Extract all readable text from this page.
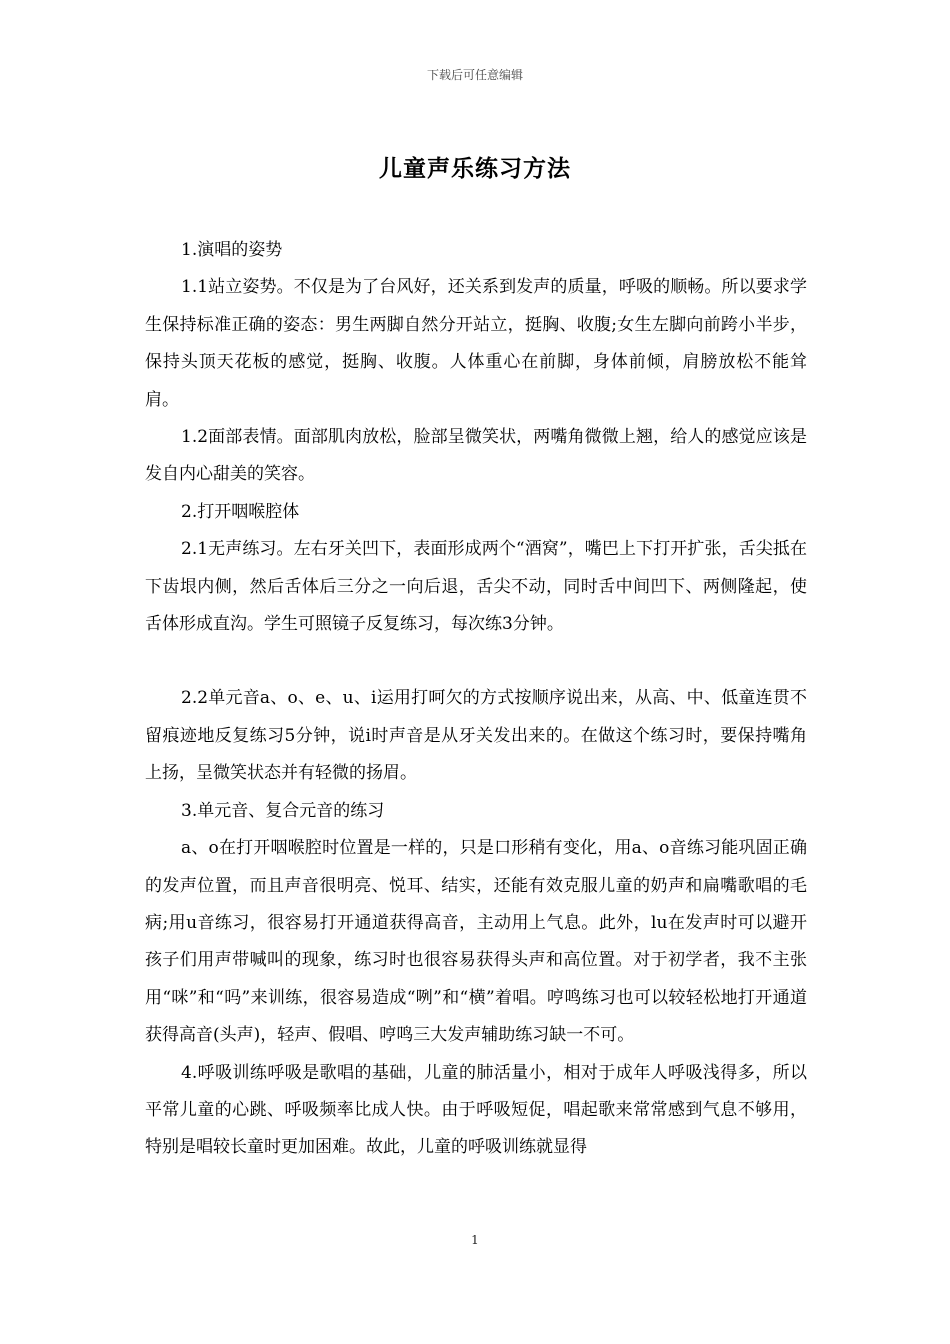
下载后可任意编辑
儿童声乐练习方法

1.演唱的姿势

1.1站立姿势。不仅是为了台风好，还关系到发声的质量，呼吸的顺畅。所以要求学生保持标准正确的姿态：男生两脚自然分开站立，挺胸、收腹;女生左脚向前跨小半步，保持头顶天花板的感觉，挺胸、收腹。人体重心在前脚，身体前倾，肩膀放松不能耸肩。

1.2面部表情。面部肌肉放松，脸部呈微笑状，两嘴角微微上翘，给人的感觉应该是发自内心甜美的笑容。

2.打开咽喉腔体

2.1无声练习。左右牙关凹下，表面形成两个“酒窝”，嘴巴上下打开扩张，舌尖抵在下齿垠内侧，然后舌体后三分之一向后退，舌尖不动，同时舌中间凹下、两侧隆起，使舌体形成直沟。学生可照镜子反复练习，每次练3分钟。

2.2单元音a、o、e、u、i运用打呵欠的方式按顺序说出来，从高、中、低童连贯不留痕迹地反复练习5分钟，说i时声音是从牙关发出来的。在做这个练习时，要保持嘴角上扬，呈微笑状态并有轻微的扬眉。

3.单元音、复合元音的练习

a、o在打开咽喉腔时位置是一样的，只是口形稍有变化，用a、o音练习能巩固正确的发声位置，而且声音很明亮、悦耳、结实，还能有效克服儿童的奶声和扁嘴歌唱的毛病;用u音练习，很容易打开通道获得高音，主动用上气息。此外，lu在发声时可以避开孩子们用声带喊叫的现象，练习时也很容易获得头声和高位置。对于初学者，我不主张用“咪”和“吗”来训练，很容易造成“咧”和“横”着唱。哼鸣练习也可以较轻松地打开通道获得高音(头声)，轻声、假唱、哼鸣三大发声辅助练习缺一不可。

4.呼吸训练呼吸是歌唱的基础，儿童的肺活量小，相对于成年人呼吸浅得多，所以平常儿童的心跳、呼吸频率比成人快。由于呼吸短促，唱起歌来常常感到气息不够用，特别是唱较长童时更加困难。故此，儿童的呼吸训练就显得

1
